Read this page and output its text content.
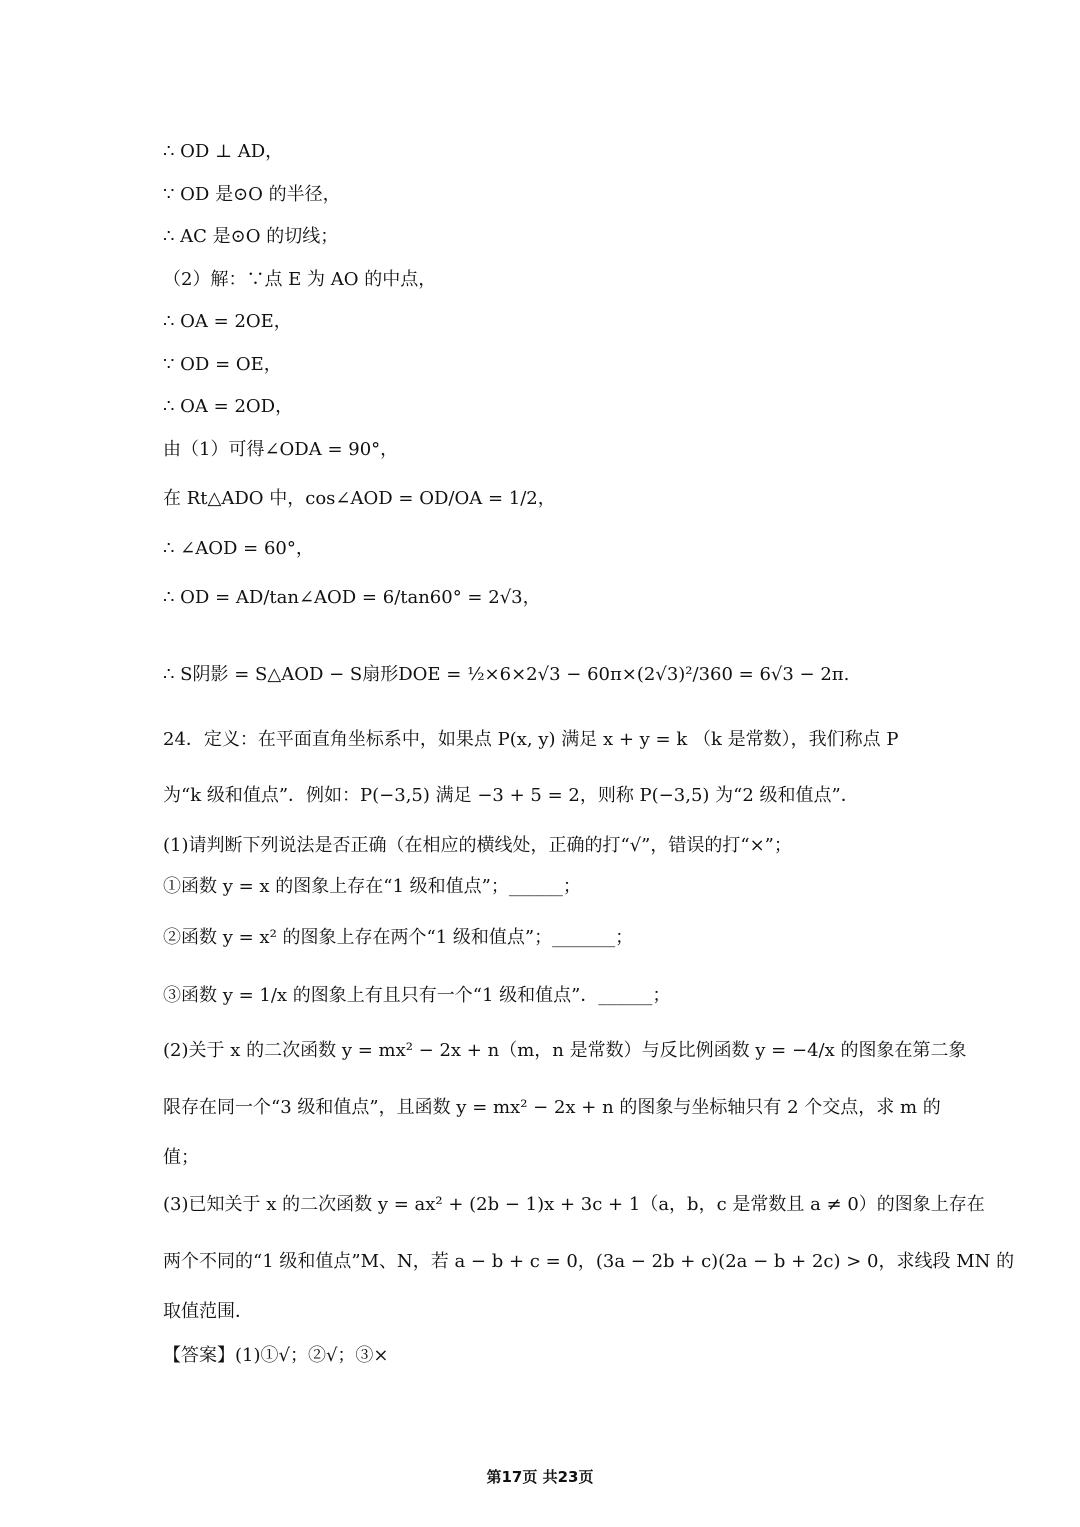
∴ OD ⊥ AD，
∵ OD 是⊙O 的半径，
∴ AC 是⊙O 的切线；
（2）解：∵点 E 为 AO 的中点，
∴ OA = 2OE，
∵ OD = OE，
∴ OA = 2OD，
由（1）可得∠ODA = 90°，
在 Rt△ADO 中，cos∠AOD = OD/OA = 1/2，
∴ ∠AOD = 60°，
∴ OD = AD/tan∠AOD = 6/tan60° = 2√3，
∴ S阴影 = S△AOD − S扇形DOE = ½×6×2√3 − 60π×(2√3)²/360 = 6√3 − 2π.
24．定义：在平面直角坐标系中，如果点 P(x, y) 满足 x + y = k （k 是常数），我们称点 P
为“k 级和值点”．例如：P(−3,5) 满足 −3 + 5 = 2，则称 P(−3,5) 为“2 级和值点”．
(1)请判断下列说法是否正确（在相应的横线处，正确的打“√”，错误的打“×”；
①函数 y = x 的图象上存在“1 级和值点”；______；
②函数 y = x² 的图象上存在两个“1 级和值点”；_______；
③函数 y = 1/x 的图象上有且只有一个“1 级和值点”．______；
(2)关于 x 的二次函数 y = mx² − 2x + n（m，n 是常数）与反比例函数 y = −4/x 的图象在第二象
限存在同一个“3 级和值点”，且函数 y = mx² − 2x + n 的图象与坐标轴只有 2 个交点，求 m 的
值；
(3)已知关于 x 的二次函数 y = ax² + (2b − 1)x + 3c + 1（a，b，c 是常数且 a ≠ 0）的图象上存在
两个不同的“1 级和值点”M、N，若 a − b + c = 0，(3a − 2b + c)(2a − b + 2c) > 0，求线段 MN 的
取值范围．
【答案】(1)①√；②√；③×
第17页 共23页
